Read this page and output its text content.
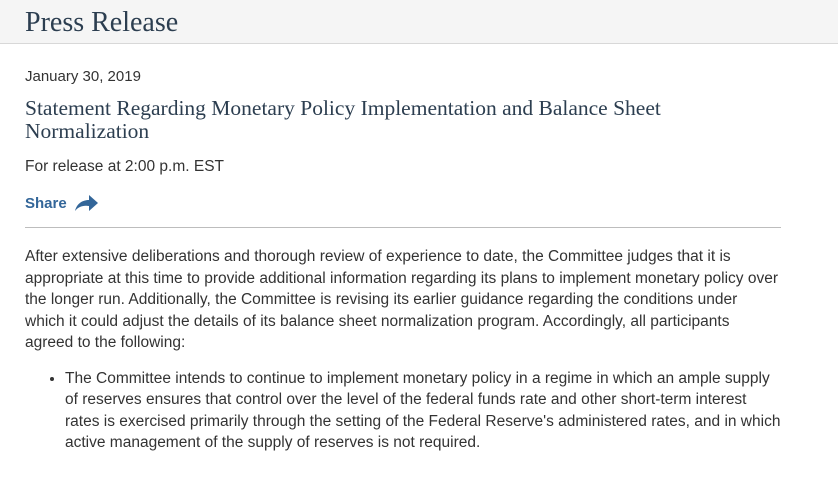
Press Release

January 30, 2019

Statement Regarding Monetary Policy Implementation and Balance Sheet Normalization

For release at 2:00 p.m. EST

Share

After extensive deliberations and thorough review of experience to date, the Committee judges that it is appropriate at this time to provide additional information regarding its plans to implement monetary policy over the longer run. Additionally, the Committee is revising its earlier guidance regarding the conditions under which it could adjust the details of its balance sheet normalization program. Accordingly, all participants agreed to the following:

• The Committee intends to continue to implement monetary policy in a regime in which an ample supply of reserves ensures that control over the level of the federal funds rate and other short-term interest rates is exercised primarily through the setting of the Federal Reserve's administered rates, and in which active management of the supply of reserves is not required.
